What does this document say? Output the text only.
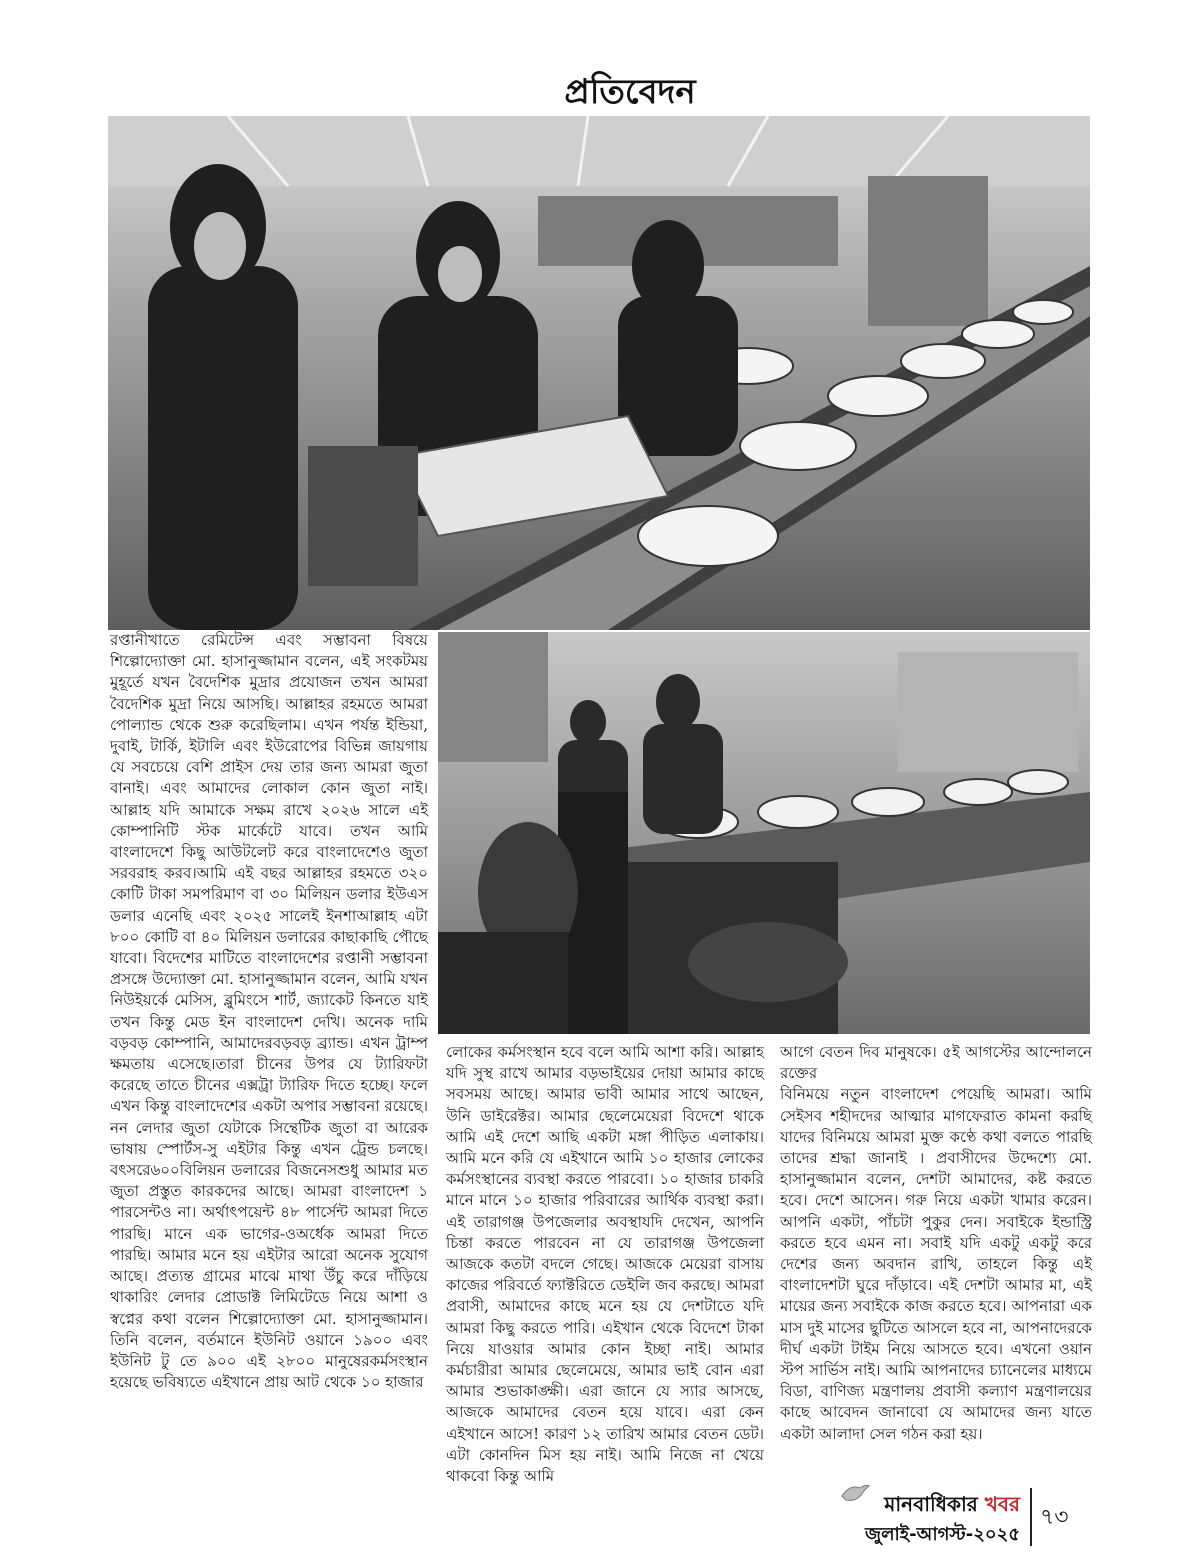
প্রতিবেদন

রপ্তানীখাতে রেমিটেন্স এবং সম্ভাবনা বিষয়ে শিল্পোদ্যোক্তা মো. হাসানুজ্জামান বলেন, এই সংকটময় মুহূর্তে যখন বৈদেশিক মুদ্রার প্রযোজন তখন আমরা বৈদেশিক মুদ্রা নিয়ে আসছি। আল্লাহর রহমতে আমরা পোল্যান্ড থেকে শুরু করেছিলাম। এখন পর্যন্ত ইন্ডিয়া, দুবাই, টার্কি, ইটালি এবং ইউরোপের বিভিন্ন জায়গায় যে সবচেয়ে বেশি প্রাইস দেয় তার জন্য আমরা জুতা বানাই। এবং আমাদের লোকাল কোন জুতা নাই। আল্লাহ যদি আমাকে সক্ষম রাখে ২০২৬ সালে এই কোম্পানিটি স্টক মার্কেটে যাবে। তখন আমি বাংলাদেশে কিছু আউটলেট করে বাংলাদেশেও জুতা সরবরাহ করব।আমি এই বছর আল্লাহর রহমতে ৩২০ কোটি টাকা সমপরিমাণ বা ৩০ মিলিয়ন ডলার ইউএস ডলার এনেছি এবং ২০২৫ সালেই ইনশাআল্লাহ এটা ৮০০ কোটি বা ৪০ মিলিয়ন ডলারের কাছাকাছি পৌছে যাবো। বিদেশের মাটিতে বাংলাদেশের রপ্তানী সম্ভাবনা প্রসঙ্গে উদ্যোক্তা মো. হাসানুজ্জামান বলেন, আমি যখন নিউইয়র্কে মেসিস, ব্লুমিংসে শার্ট, জ্যাকেট কিনতে যাই তখন কিন্তু মেড ইন বাংলাদেশ দেখি। অনেক দামি বড়বড় কোম্পানি, আমাদেরবড়বড় ব্র্যান্ড। এখন ট্রাম্প ক্ষমতায় এসেছে।তারা চীনের উপর যে ট্যারিফটা করেছে তাতে চীনের এক্সট্রা ট্যারিফ দিতে হচ্ছে। ফলে এখন কিন্তু বাংলাদেশের একটা অপার সম্ভাবনা রয়েছে। নন লেদার জুতা যেটাকে সিন্থেটিক জুতা বা আরেক ভাষায় স্পোর্টস-সু এইটার কিন্তু এখন ট্রেন্ড চলছে। বৎসরে৬০০বিলিয়ন ডলারের বিজনেসশুধু আমার মত জুতা প্রস্তুত কারকদের আছে। আমরা বাংলাদেশ ১ পারসেন্টও না। অর্থাৎপয়েন্ট ৪৮ পার্সেন্ট আমরা দিতে পারছি। মানে এক ভাগের-ওঅর্ধেক আমরা দিতে পারছি। আমার মনে হয় এইটার আরো অনেক সুযোগ আছে। প্রত্যন্ত গ্রামের মাঝে মাথা উঁচু করে দাঁড়িয়ে থাকারিং লেদার প্রোডাক্ট লিমিটেডে নিয়ে আশা ও স্বপ্নের কথা বলেন শিল্পোদ্যোক্তা মো. হাসানুজ্জামান। তিনি বলেন, বর্তমানে ইউনিট ওয়ানে ১৯০০ এবং ইউনিট টু তে ৯০০ এই ২৮০০ মানুষেরকর্মসংস্থান হয়েছে ভবিষ্যতে এইখানে প্রায় আট থেকে ১০ হাজার

লোকের কর্মসংস্থান হবে বলে আমি আশা করি। আল্লাহ যদি সুস্থ রাখে আমার বড়ভাইয়ের দোয়া আমার কাছে সবসময় আছে। আমার ভাবী আমার সাথে আছেন, উনি ডাইরেক্টর। আমার ছেলেমেয়েরা বিদেশে থাকে আমি এই দেশে আছি একটা মঙ্গা পীড়িত এলাকায়। আমি মনে করি যে এইখানে আমি ১০ হাজার লোকের কর্মসংস্থানের ব্যবস্থা করতে পারবো। ১০ হাজার চাকরি মানে মানে ১০ হাজার পরিবারের আর্থিক ব্যবস্থা করা। এই তারাগঞ্জ উপজেলার অবস্থাযদি দেখেন, আপনি চিন্তা করতে পারবেন না যে তারাগঞ্জ উপজেলা আজকে কতটা বদলে গেছে। আজকে মেয়েরা বাসায় কাজের পরিবর্তে ফ্যাক্টরিতে ডেইলি জব করছে। আমরা প্রবাসী, আমাদের কাছে মনে হয় যে দেশটাতে যদি আমরা কিছু করতে পারি। এইখান থেকে বিদেশে টাকা নিয়ে যাওয়ার আমার কোন ইচ্ছা নাই। আমার কর্মচারীরা আমার ছেলেমেয়ে, আমার ভাই বোন এরা আমার শুভাকাঙ্ক্ষী। এরা জানে যে স্যার আসছে, আজকে আমাদের বেতন হয়ে যাবে। এরা কেন এইখানে আসে! কারণ ১২ তারিখ আমার বেতন ডেট। এটা কোনদিন মিস হয় নাই। আমি নিজে না খেয়ে থাকবো কিন্তু আমি

আগে বেতন দিব মানুষকে। ৫ই আগস্টের আন্দোলনে রক্তের

বিনিময়ে নতুন বাংলাদেশ পেয়েছি আমরা। আমি সেইসব শহীদদের আত্মার মাগফেরাত কামনা করছি যাদের বিনিময়ে আমরা মুক্ত কণ্ঠে কথা বলতে পারছি তাদের শ্রদ্ধা জানাই । প্রবাসীদের উদ্দেশ্যে মো. হাসানুজ্জামান বলেন, দেশটা আমাদের, কষ্ট করতে হবে। দেশে আসেন। গরু নিয়ে একটা খামার করেন। আপনি একটা, পাঁচটা পুকুর দেন। সবাইকে ইন্ডাস্ট্রি করতে হবে এমন না। সবাই যদি একটু একটু করে দেশের জন্য অবদান রাখি, তাহলে কিন্তু এই বাংলাদেশটা ঘুরে দাঁড়াবে। এই দেশটা আমার মা, এই মায়ের জন্য সবাইকে কাজ করতে হবে। আপনারা এক মাস দুই মাসের ছুটিতে আসলে হবে না, আপনাদেরকে দীর্ঘ একটা টাইম নিয়ে আসতে হবে। এখনো ওয়ান স্টপ সার্ভিস নাই। আমি আপনাদের চ্যানেলের মাধ্যমে বিডা, বাণিজ্য মন্ত্রণালয় প্রবাসী কল্যাণ মন্ত্রণালয়ের কাছে আবেদন জানাবো যে আমাদের জন্য যাতে একটা আলাদা সেল গঠন করা হয়।

মানবাধিকার খবর
জুলাই-আগস্ট-২০২৫
৭৩
